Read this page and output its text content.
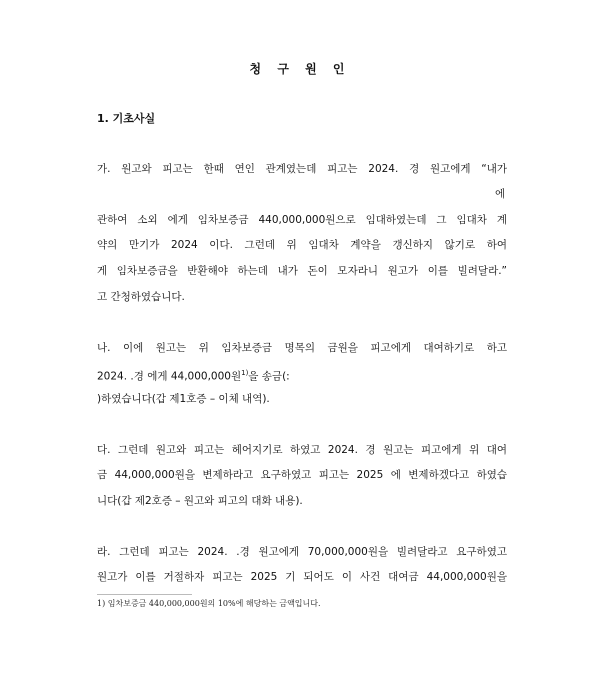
청 구 원 인
1. 기초사실
가. 원고와 피고는 한때 연인 관계였는데 피고는 2024. 경 원고에게 “내가
에
관하여 소외 에게 임차보증금 440,000,000원으로 임대하였는데 그 임대차 계
약의 만기가 2024 이다. 그런데 위 임대차 계약을 갱신하지 않기로 하여
게 임차보증금을 반환해야 하는데 내가 돈이 모자라니 원고가 이를 빌려달라.”
고 간청하였습니다.
나. 이에 원고는 위 임차보증금 명목의 금원을 피고에게 대여하기로 하고
2024. .경 에게 44,000,000원$^{1)}$을 송금(:
)하였습니다(갑 제1호증 – 이체 내역).
다. 그런데 원고와 피고는 헤어지기로 하였고 2024. 경 원고는 피고에게 위 대여
금 44,000,000원을 변제하라고 요구하였고 피고는 2025 에 변제하겠다고 하였습
니다(갑 제2호증 – 원고와 피고의 대화 내용).
라. 그런데 피고는 2024. .경 원고에게 70,000,000원을 빌려달라고 요구하였고
원고가 이를 거절하자 피고는 2025 기 되어도 이 사건 대여금 44,000,000원을
1) 임차보증금 440,000,000원의 10%에 해당하는 금액입니다.
